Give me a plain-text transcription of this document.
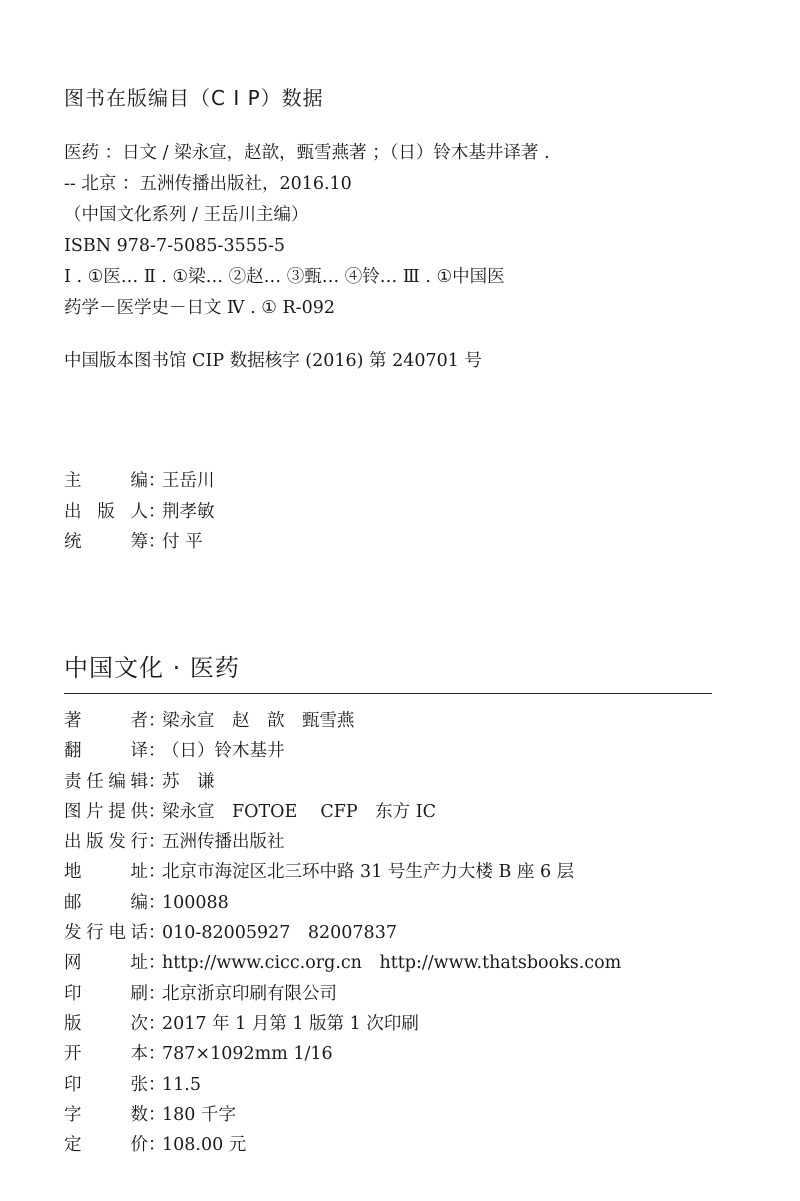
图书在版编目（C I P）数据
医药 ：日文 / 梁永宣，赵歆，甄雪燕著 ；（日）铃木基井译著 .
-- 北京 ：五洲传播出版社，2016.10
（中国文化系列 / 王岳川主编）
ISBN 978-7-5085-3555-5
Ⅰ . ①医… Ⅱ . ①梁… ②赵… ③甄… ④铃… Ⅲ . ①中国医
药学－医学史－日文 Ⅳ . ① R-092
中国版本图书馆 CIP 数据核字 (2016) 第 240701 号
主编 ：
王岳川
出版人 ：
荆孝敏
统筹 ：
付 平
中国文化 · 医药
著者 ：
梁永宣　赵　歆　甄雪燕
翻译 ：
（日）铃木基井
责任编辑 ：
苏　谦
图片提供 ：
梁永宣　FOTOE　 CFP　东方 IC
出版发行 ：
五洲传播出版社
地址 ：
北京市海淀区北三环中路 31 号生产力大楼 B 座 6 层
邮编 ：
100088
发行电话 ：
010-82005927　82007837
网址 ：
http://www.cicc.org.cn　http://www.thatsbooks.com
印刷 ：
北京浙京印刷有限公司
版次 ：
2017 年 1 月第 1 版第 1 次印刷
开本 ：
787×1092mm 1/16
印张 ：
11.5
字数 ：
180 千字
定价 ：
108.00 元
